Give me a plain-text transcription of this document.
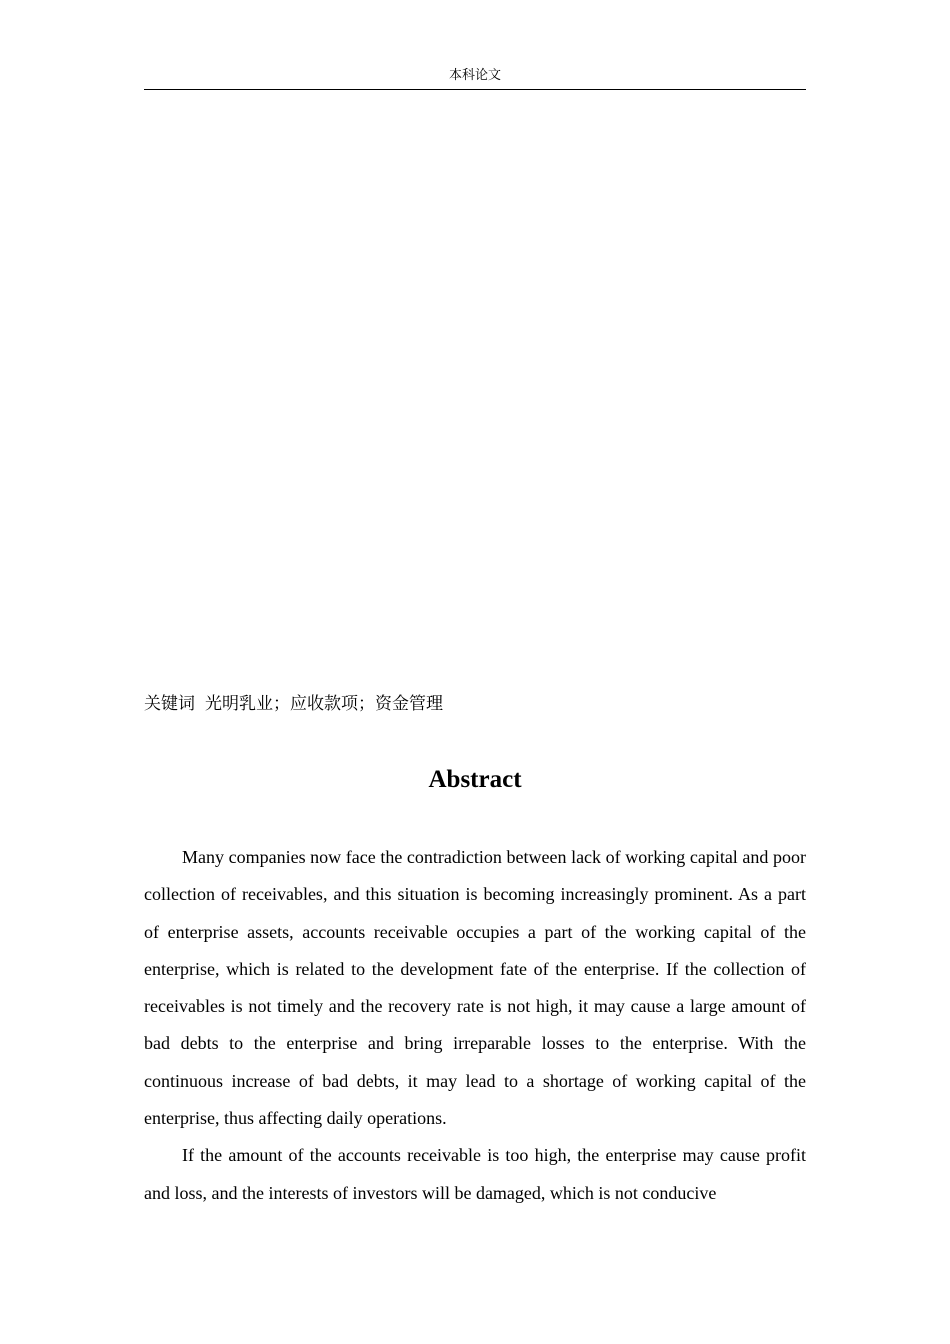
本科论文
关键词 光明乳业；应收款项；资金管理
Abstract

Many companies now face the contradiction between lack of working capital and poor collection of receivables, and this situation is becoming increasingly prominent. As a part of enterprise assets, accounts receivable occupies a part of the working capital of the enterprise, which is related to the development fate of the enterprise. If the collection of receivables is not timely and the recovery rate is not high, it may cause a large amount of bad debts to the enterprise and bring irreparable losses to the enterprise. With the continuous increase of bad debts, it may lead to a shortage of working capital of the enterprise, thus affecting daily operations.

If the amount of the accounts receivable is too high, the enterprise may cause profit and loss, and the interests of investors will be damaged, which is not conducive
